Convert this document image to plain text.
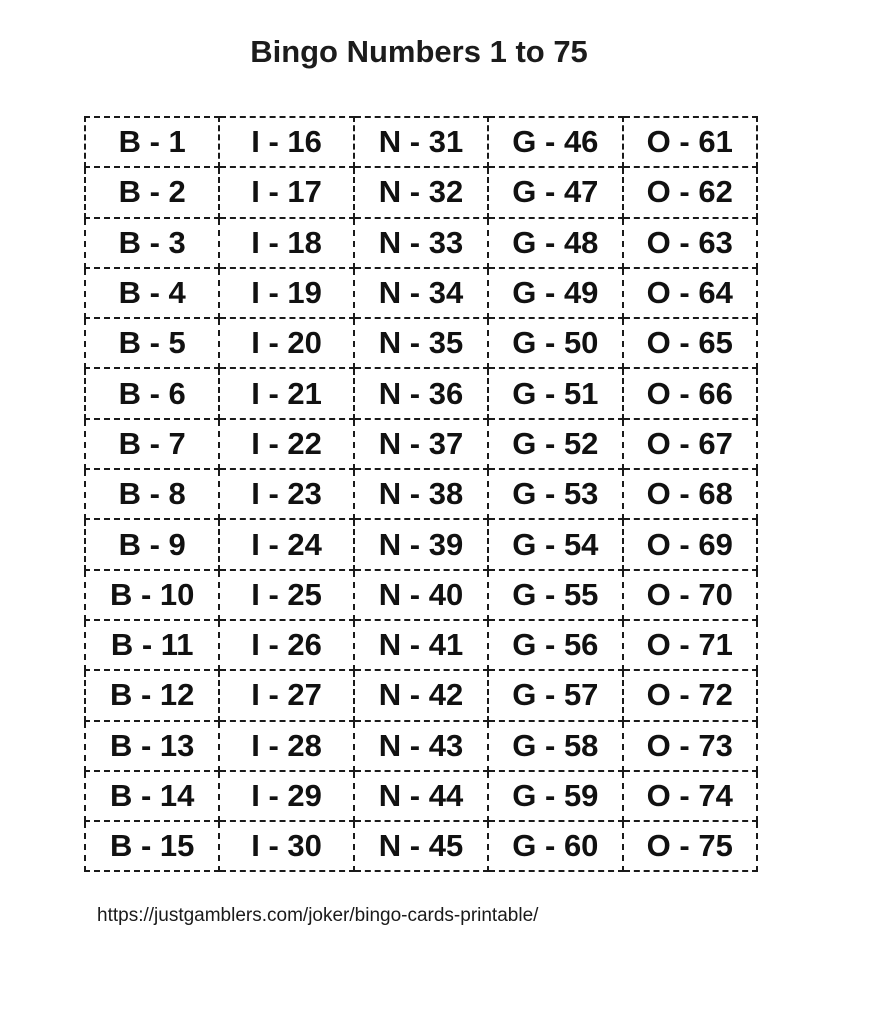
Bingo Numbers 1 to 75
B - 1	I - 16	N - 31	G - 46	O - 61
B - 2	I - 17	N - 32	G - 47	O - 62
B - 3	I - 18	N - 33	G - 48	O - 63
B - 4	I - 19	N - 34	G - 49	O - 64
B - 5	I - 20	N - 35	G - 50	O - 65
B - 6	I - 21	N - 36	G - 51	O - 66
B - 7	I - 22	N - 37	G - 52	O - 67
B - 8	I - 23	N - 38	G - 53	O - 68
B - 9	I - 24	N - 39	G - 54	O - 69
B - 10	I - 25	N - 40	G - 55	O - 70
B - 11	I - 26	N - 41	G - 56	O - 71
B - 12	I - 27	N - 42	G - 57	O - 72
B - 13	I - 28	N - 43	G - 58	O - 73
B - 14	I - 29	N - 44	G - 59	O - 74
B - 15	I - 30	N - 45	G - 60	O - 75
https://justgamblers.com/joker/bingo-cards-printable/
